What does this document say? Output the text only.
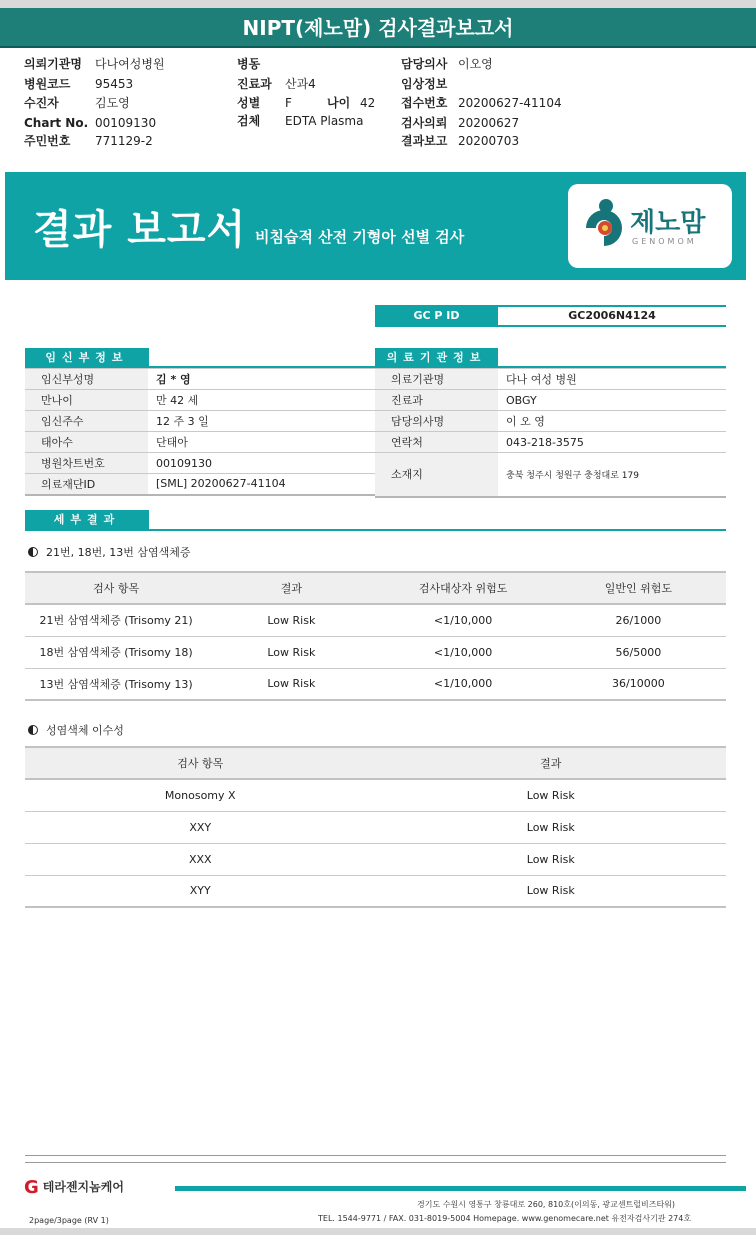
NIPT(제노맘) 검사결과보고서
의뢰기관명 다나여성병원
병원코드 95453
수진자	김도영
Chart No. 00109130
주민번호 771129-2
병동
진료과 산과4
성별 F	나이 42
검체 EDTA Plasma
담당의사 이오영
임상정보
접수번호 20200627-41104
검사의뢰 20200627
결과보고 20200703
결과 보고서 비침습적 산전 기형아 선별 검사	제노맘
GENOMOM
GC P ID	GC2006N4124
임신부정보
임신부성명	김 * 영
만나이	만 42 세
임신주수	12 주 3 일
태아수	단태아
병원차트번호	00109130
의료재단ID	[SML] 20200627-41104
의료기관정보
의료기관명	다나 여성 병원
진료과	OBGY
담당의사명	이 오 영
연락처	043-218-3575
소재지	충북 청주시 청원구 충청대로 179
세부결과
21번, 18번, 13번 삼염색체증
검사 항목	결과	검사대상자 위험도	일반인 위험도
21번 삼염색체증 (Trisomy 21)	Low Risk	<1/10,000	26/1000
18번 삼염색체증 (Trisomy 18)	Low Risk	<1/10,000	56/5000
13번 삼염색체증 (Trisomy 13)	Low Risk	<1/10,000	36/10000
성염색체 이수성
검사 항목	결과
Monosomy X	Low Risk
XXY	Low Risk
XXX	Low Risk
XYY	Low Risk
G테라젠지놈케어
경기도 수원시 영통구 창룡대로 260, 810호(이의동, 광교센트럴비즈타워)
TEL. 1544-9771 / FAX. 031-8019-5004 Homepage. www.genomecare.net 유전자검사기관 274호
2page/3page (RV 1)
